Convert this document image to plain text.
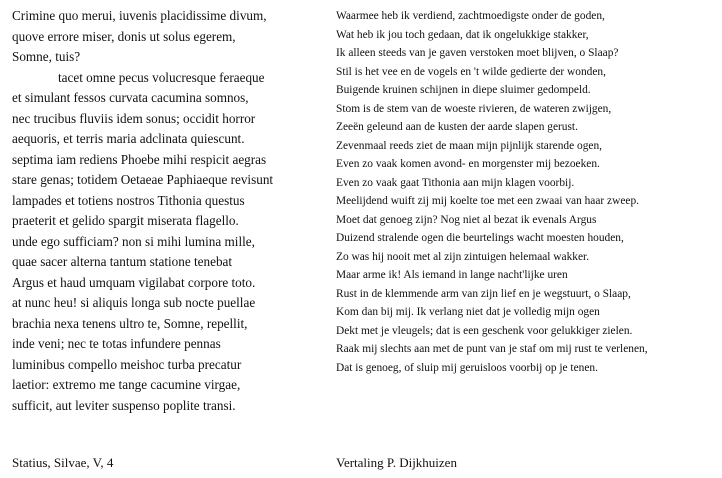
Crimine quo merui, iuvenis placidissime divum,
quove errore miser, donis ut solus egerem,
Somne, tuis?
tacet omne pecus volucresque feraeque
et simulant fessos curvata cacumina somnos,
nec trucibus fluviis idem sonus; occidit horror
aequoris, et terris maria adclinata quiescunt.
septima iam rediens Phoebe mihi respicit aegras
stare genas; totidem Oetaeae Paphiaeque revisunt
lampades et totiens nostros Tithonia questus
praeterit et gelido spargit miserata flagello.
unde ego sufficiam? non si mihi lumina mille,
quae sacer alterna tantum statione tenebat
Argus et haud umquam vigilabat corpore toto.
at nunc heu! si aliquis longa sub nocte puellae
brachia nexa tenens ultro te, Somne, repellit,
inde veni; nec te totas infundere pennas
luminibus compello meishoc turba precatur
laetior: extremo me tange cacumine virgae,
sufficit, aut leviter suspenso poplite transi.
Waarmee heb ik verdiend, zachtmoedigste onder de goden,
Wat heb ik jou toch gedaan, dat ik ongelukkige stakker,
Ik alleen steeds van je gaven verstoken moet blijven, o Slaap?
Stil is het vee en de vogels en 't wilde gedierte der wonden,
Buigende kruinen schijnen in diepe sluimer gedompeld.
Stom is de stem van de woeste rivieren, de wateren zwijgen,
Zeeën geleund aan de kusten der aarde slapen gerust.
Zevenmaal reeds ziet de maan mijn pijnlijk starende ogen,
Even zo vaak komen avond- en morgenster mij bezoeken.
Even zo vaak gaat Tithonia aan mijn klagen voorbij.
Meelijdend wuift zij mij koelte toe met een zwaai van haar zweep.
Moet dat genoeg zijn? Nog niet al bezat ik evenals Argus
Duizend stralende ogen die beurtelings wacht moesten houden,
Zo was hij nooit met al zijn zintuigen helemaal wakker.
Maar arme ik! Als iemand in lange nacht'lijke uren
Rust in de klemmende arm van zijn lief en je wegstuurt, o Slaap,
Kom dan bij mij. Ik verlang niet dat je volledig mijn ogen
Dekt met je vleugels; dat is een geschenk voor gelukkiger zielen.
Raak mij slechts aan met de punt van je staf om mij rust te verlenen,
Dat is genoeg, of sluip mij geruisloos voorbij op je tenen.
Statius, Silvae, V, 4	Vertaling P. Dijkhuizen
